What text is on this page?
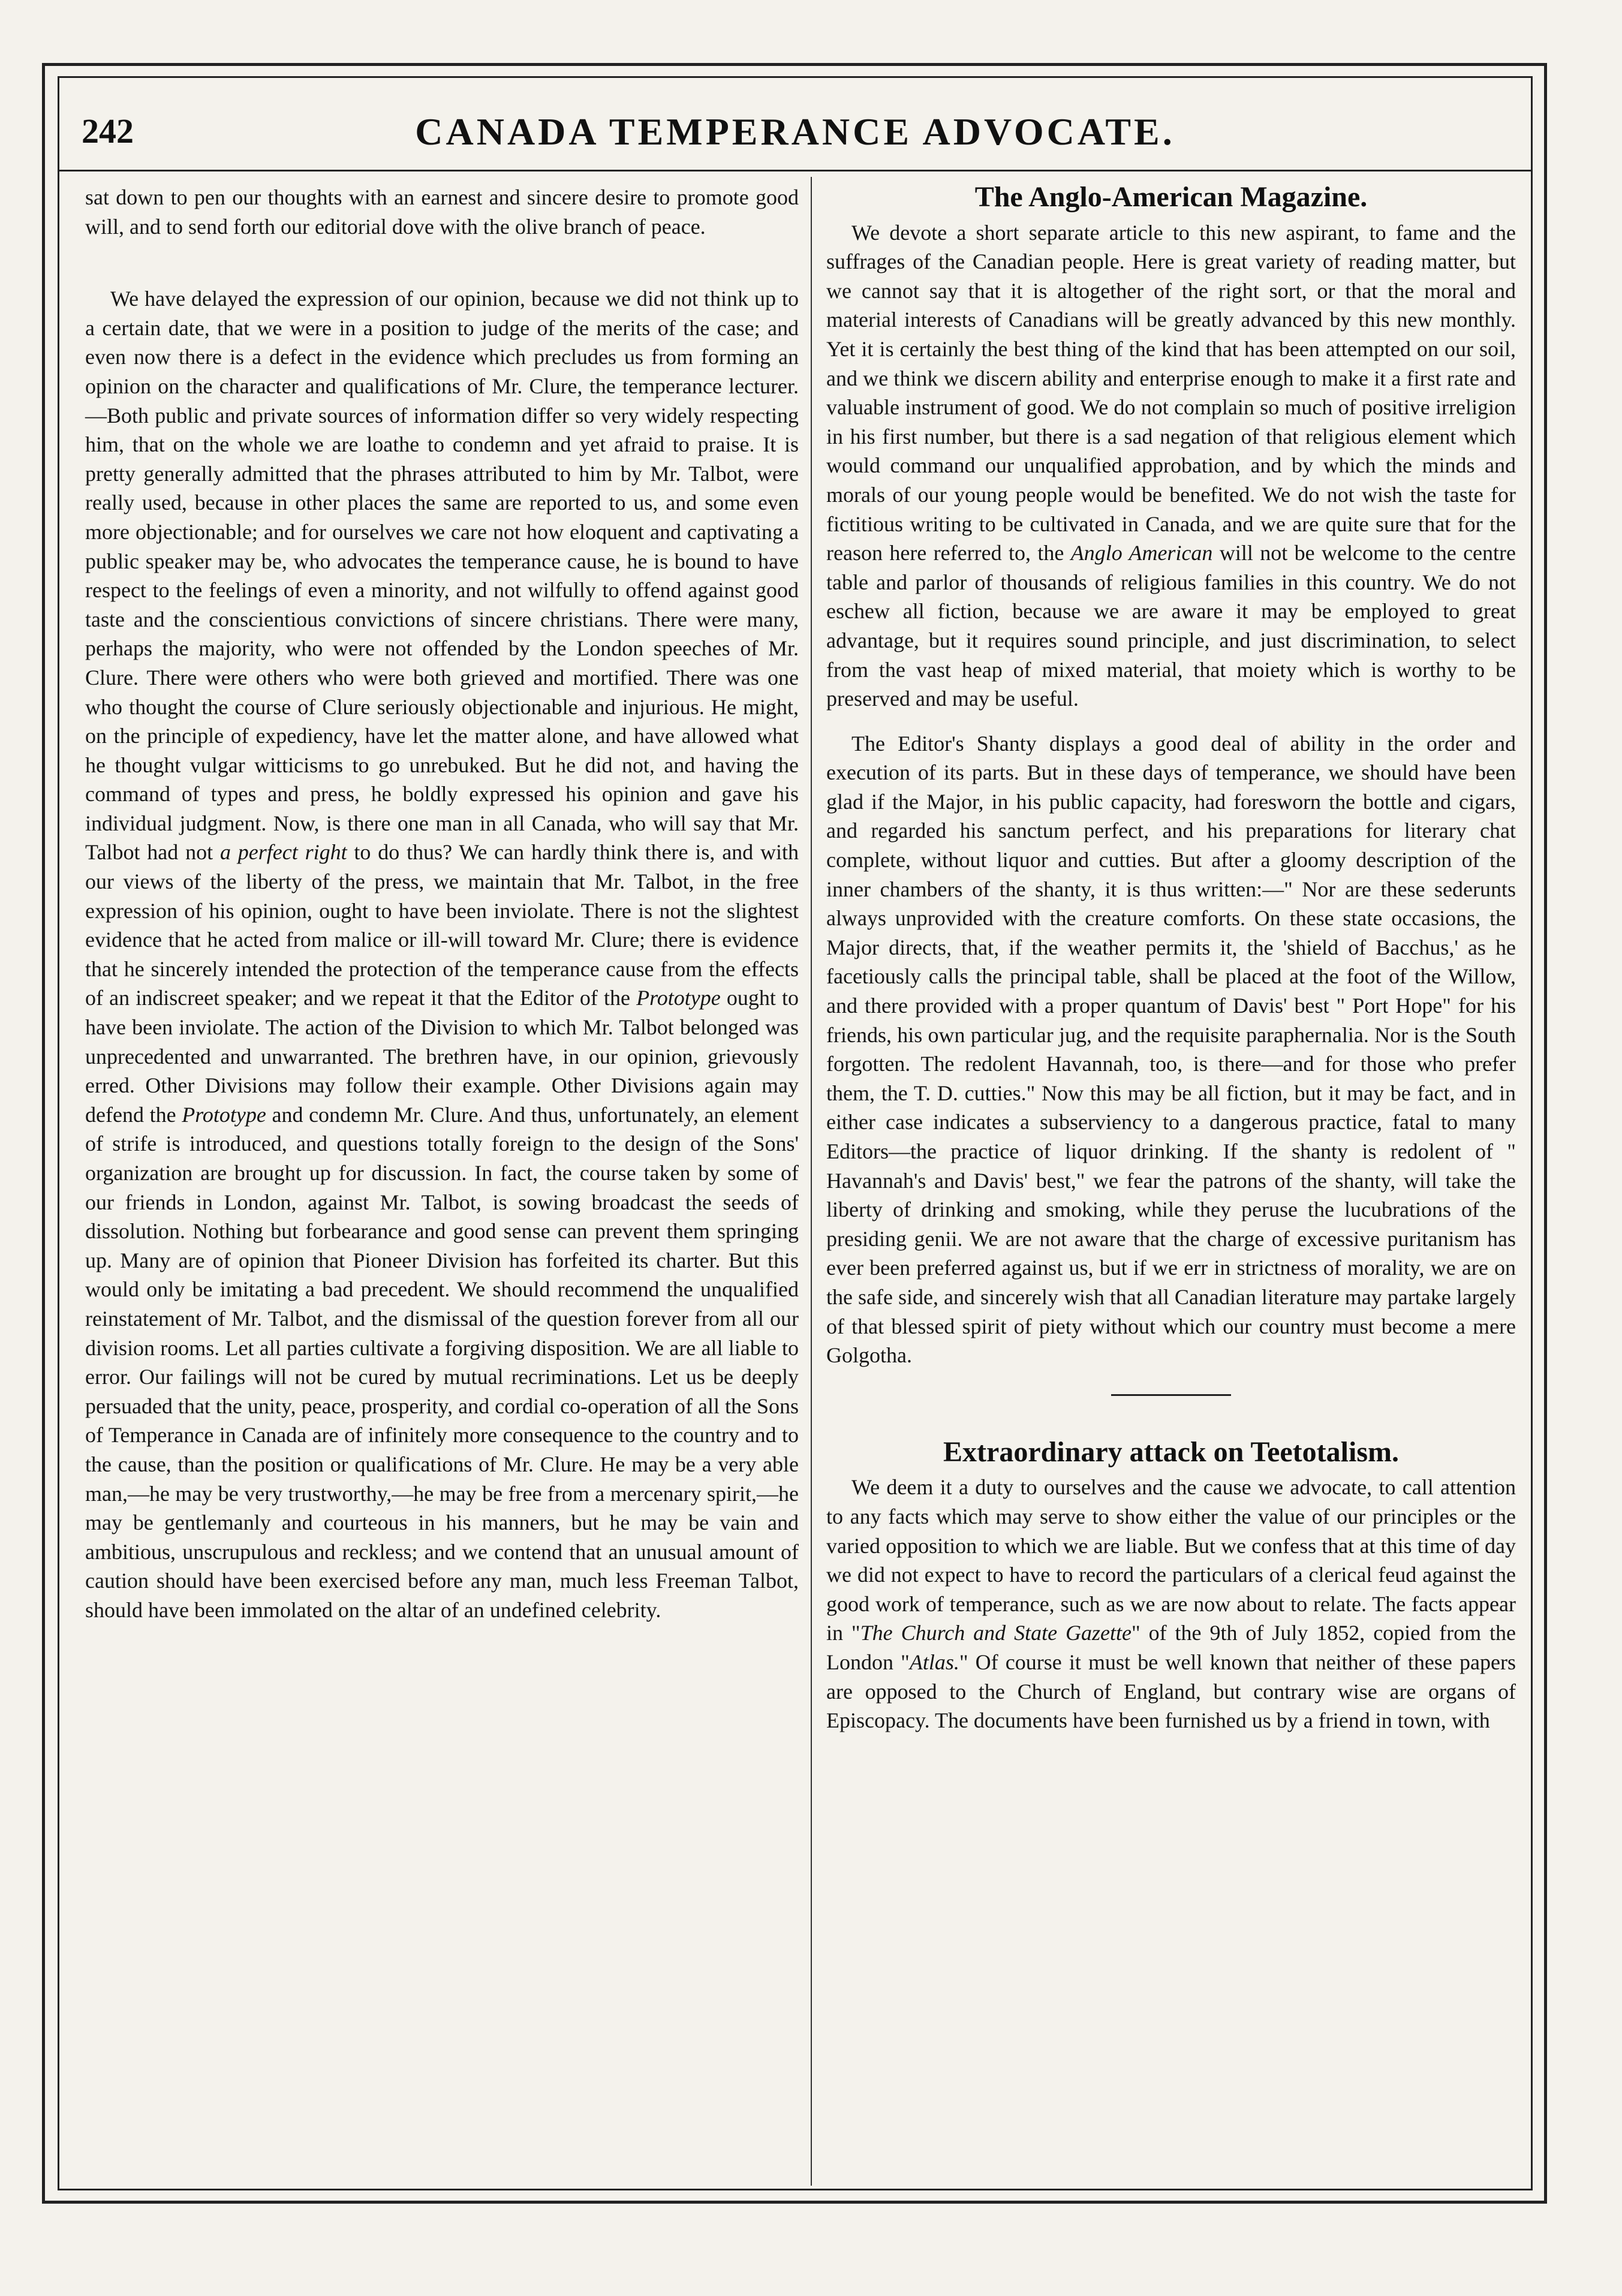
242	CANADA TEMPERANCE ADVOCATE.

sat down to pen our thoughts with an earnest and sincere desire to promote good will, and to send forth our editorial dove with the olive branch of peace.

We have delayed the expression of our opinion, because we did not think up to a certain date, that we were in a position to judge of the merits of the case; and even now there is a defect in the evidence which precludes us from forming an opinion on the character and qualifications of Mr. Clure, the temperance lecturer.—Both public and private sources of information differ so very widely respecting him, that on the whole we are loathe to condemn and yet afraid to praise. It is pretty generally admitted that the phrases attributed to him by Mr. Talbot, were really used, because in other places the same are reported to us, and some even more objectionable; and for ourselves we care not how eloquent and captivating a public speaker may be, who advocates the temperance cause, he is bound to have respect to the feelings of even a minority, and not wilfully to offend against good taste and the conscientious convictions of sincere christians. There were many, perhaps the majority, who were not offended by the London speeches of Mr. Clure. There were others who were both grieved and mortified. There was one who thought the course of Clure seriously objectionable and injurious. He might, on the principle of expediency, have let the matter alone, and have allowed what he thought vulgar witticisms to go unrebuked. But he did not, and having the command of types and press, he boldly expressed his opinion and gave his individual judgment. Now, is there one man in all Canada, who will say that Mr. Talbot had not a perfect right to do thus? We can hardly think there is, and with our views of the liberty of the press, we maintain that Mr. Talbot, in the free expression of his opinion, ought to have been inviolate. There is not the slightest evidence that he acted from malice or ill-will toward Mr. Clure; there is evidence that he sincerely intended the protection of the temperance cause from the effects of an indiscreet speaker; and we repeat it that the Editor of the Prototype ought to have been inviolate. The action of the Division to which Mr. Talbot belonged was unprecedented and unwarranted. The brethren have, in our opinion, grievously erred. Other Divisions may follow their example. Other Divisions again may defend the Prototype and condemn Mr. Clure. And thus, unfortunately, an element of strife is introduced, and questions totally foreign to the design of the Sons' organization are brought up for discussion. In fact, the course taken by some of our friends in London, against Mr. Talbot, is sowing broadcast the seeds of dissolution. Nothing but forbearance and good sense can prevent them springing up. Many are of opinion that Pioneer Division has forfeited its charter. But this would only be imitating a bad precedent. We should recommend the unqualified reinstatement of Mr. Talbot, and the dismissal of the question forever from all our division rooms. Let all parties cultivate a forgiving disposition. We are all liable to error. Our failings will not be cured by mutual recriminations. Let us be deeply persuaded that the unity, peace, prosperity, and cordial co-operation of all the Sons of Temperance in Canada are of infinitely more consequence to the country and to the cause, than the position or qualifications of Mr. Clure. He may be a very able man,—he may be very trustworthy,—he may be free from a mercenary spirit,—he may be gentlemanly and courteous in his manners, but he may be vain and ambitious, unscrupulous and reckless; and we contend that an unusual amount of caution should have been exercised before any man, much less Freeman Talbot, should have been immolated on the altar of an undefined celebrity.

The Anglo-American Magazine.

We devote a short separate article to this new aspirant, to fame and the suffrages of the Canadian people. Here is great variety of reading matter, but we cannot say that it is altogether of the right sort, or that the moral and material interests of Canadians will be greatly advanced by this new monthly. Yet it is certainly the best thing of the kind that has been attempted on our soil, and we think we discern ability and enterprise enough to make it a first rate and valuable instrument of good. We do not complain so much of positive irreligion in his first number, but there is a sad negation of that religious element which would command our unqualified approbation, and by which the minds and morals of our young people would be benefited. We do not wish the taste for fictitious writing to be cultivated in Canada, and we are quite sure that for the reason here referred to, the Anglo American will not be welcome to the centre table and parlor of thousands of religious families in this country. We do not eschew all fiction, because we are aware it may be employed to great advantage, but it requires sound principle, and just discrimination, to select from the vast heap of mixed material, that moiety which is worthy to be preserved and may be useful.

The Editor's Shanty displays a good deal of ability in the order and execution of its parts. But in these days of temperance, we should have been glad if the Major, in his public capacity, had foresworn the bottle and cigars, and regarded his sanctum perfect, and his preparations for literary chat complete, without liquor and cutties. But after a gloomy description of the inner chambers of the shanty, it is thus written:—" Nor are these sederunts always unprovided with the creature comforts. On these state occasions, the Major directs, that, if the weather permits it, the 'shield of Bacchus,' as he facetiously calls the principal table, shall be placed at the foot of the Willow, and there provided with a proper quantum of Davis' best " Port Hope" for his friends, his own particular jug, and the requisite paraphernalia. Nor is the South forgotten. The redolent Havannah, too, is there—and for those who prefer them, the T. D. cutties." Now this may be all fiction, but it may be fact, and in either case indicates a subserviency to a dangerous practice, fatal to many Editors—the practice of liquor drinking. If the shanty is redolent of " Havannah's and Davis' best," we fear the patrons of the shanty, will take the liberty of drinking and smoking, while they peruse the lucubrations of the presiding genii. We are not aware that the charge of excessive puritanism has ever been preferred against us, but if we err in strictness of morality, we are on the safe side, and sincerely wish that all Canadian literature may partake largely of that blessed spirit of piety without which our country must become a mere Golgotha.

Extraordinary attack on Teetotalism.

We deem it a duty to ourselves and the cause we advocate, to call attention to any facts which may serve to show either the value of our principles or the varied opposition to which we are liable. But we confess that at this time of day we did not expect to have to record the particulars of a clerical feud against the good work of temperance, such as we are now about to relate. The facts appear in "The Church and State Gazette" of the 9th of July 1852, copied from the London "Atlas." Of course it must be well known that neither of these papers are opposed to the Church of England, but contrary wise are organs of Episcopacy. The documents have been furnished us by a friend in town, with
